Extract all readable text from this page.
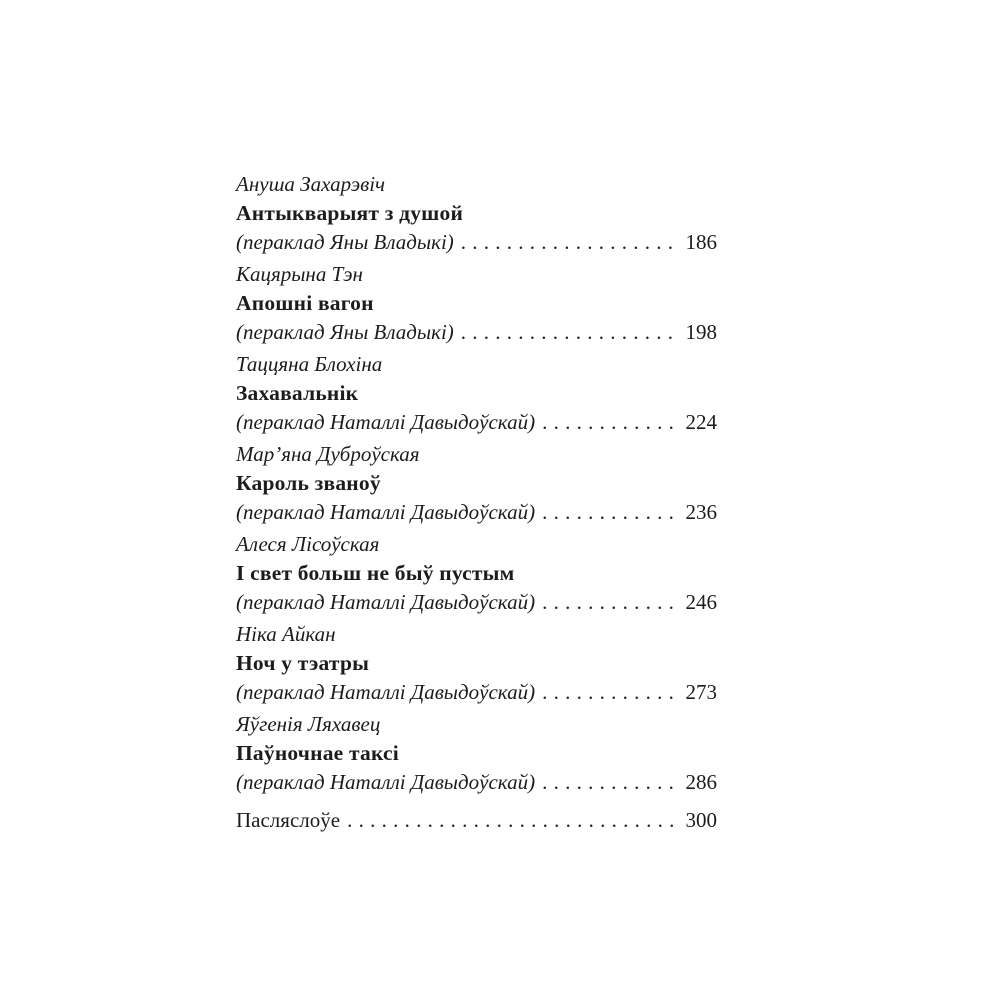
Ануша Захарэвіч
Антыкварыят з душой
(пераклад Яны Владыкі) . . .	186
Кацярына Тэн
Апошні вагон
(пераклад Яны Владыкі) . . .	198
Таццяна Блохіна
Захавальнік
(пераклад Наталлі Давыдоўскай) . . .	224
Мар’яна Дуброўская
Кароль званоў
(пераклад Наталлі Давыдоўскай) . . .	236
Алеся Лісоўская
І свет больш не быў пустым
(пераклад Наталлі Давыдоўскай) . . .	246
Ніка Айкан
Ноч у тэатры
(пераклад Наталлі Давыдоўскай) . . .	273
Яўгенія Ляхавец
Паўночнае таксі
(пераклад Наталлі Давыдоўскай) . . .	286
Пасляслоўе . . .	300
